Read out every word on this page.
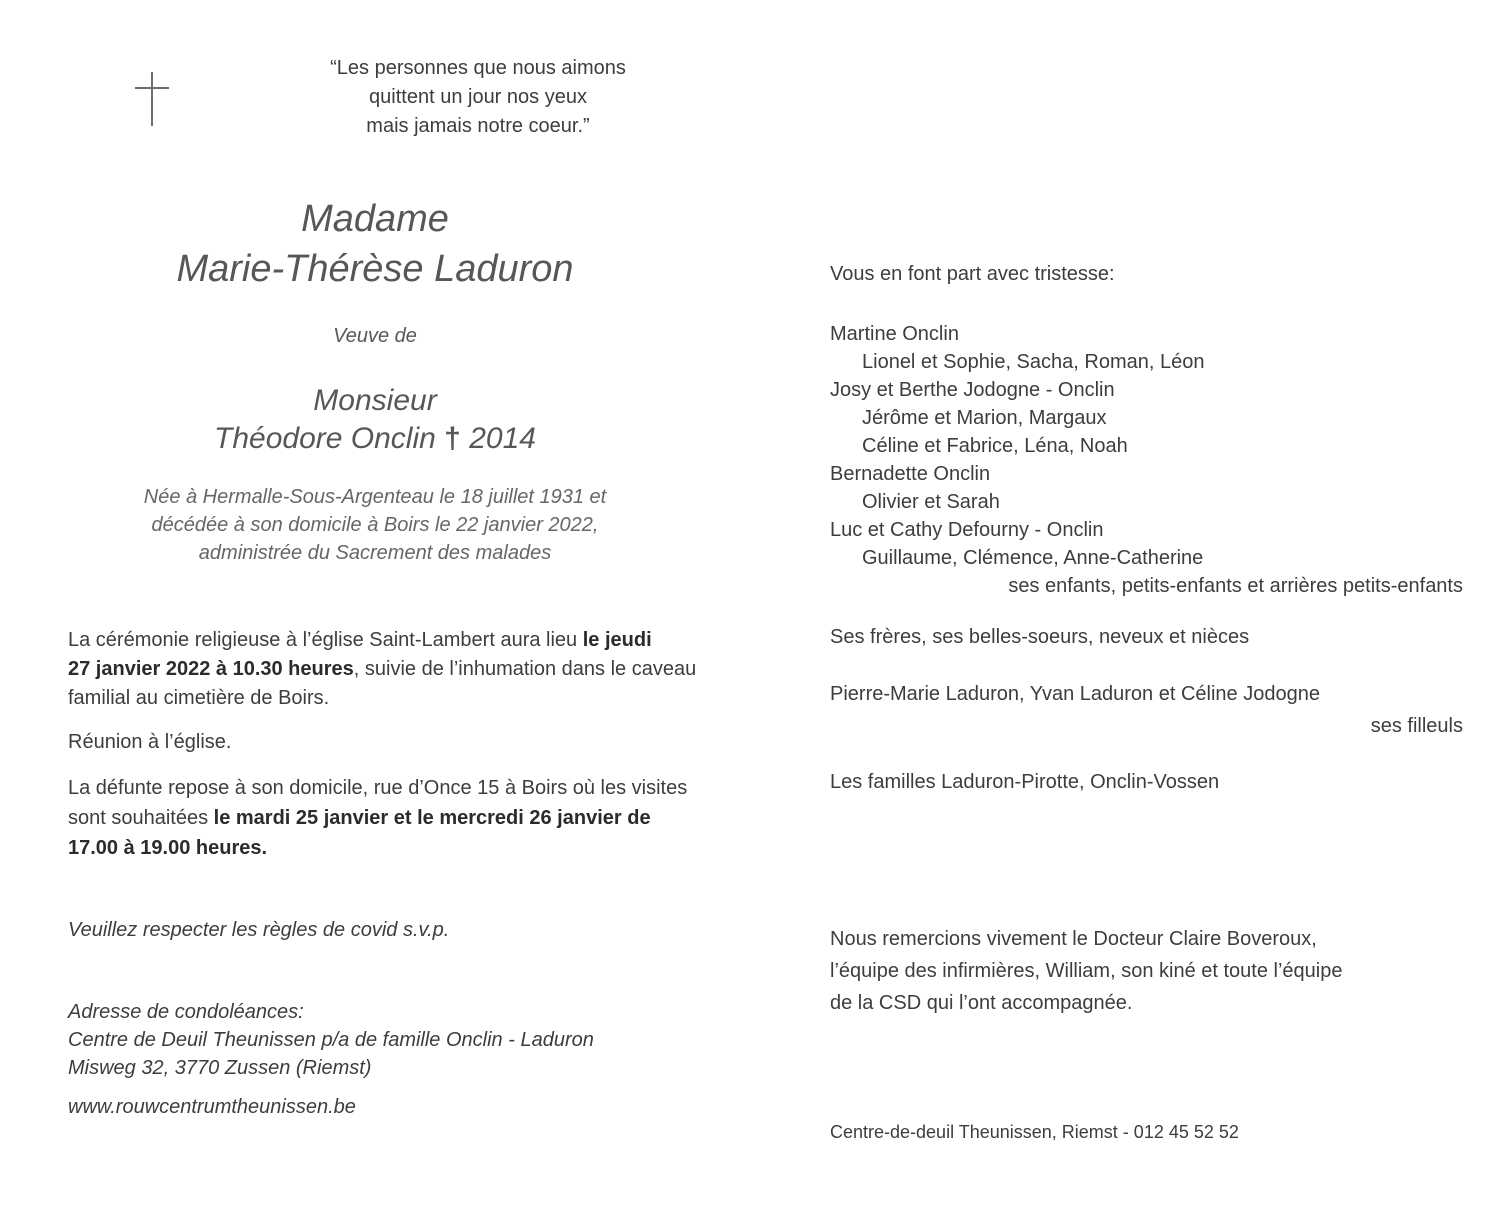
“Les personnes que nous aimons
quittent un jour nos yeux
mais jamais notre coeur.”
Madame
Marie-Thérèse Laduron
Veuve de
Monsieur
Théodore Onclin † 2014
Née à Hermalle-Sous-Argenteau le 18 juillet 1931 et
décédée à son domicile à Boirs le 22 janvier 2022,
administrée du Sacrement des malades
La cérémonie religieuse à l’église Saint-Lambert aura lieu le jeudi
27 janvier 2022 à 10.30 heures, suivie de l’inhumation dans le caveau
familial au cimetière de Boirs.
Réunion à l’église.
La défunte repose à son domicile, rue d’Once 15 à Boirs où les visites
sont souhaitées le mardi 25 janvier et le mercredi 26 janvier de
17.00 à 19.00 heures.
Veuillez respecter les règles de covid s.v.p.
Adresse de condoléances:
Centre de Deuil Theunissen p/a de famille Onclin - Laduron
Misweg 32, 3770 Zussen (Riemst)
www.rouwcentrumtheunissen.be
Vous en font part avec tristesse:
Martine Onclin
Lionel et Sophie, Sacha, Roman, Léon
Josy et Berthe Jodogne - Onclin
Jérôme et Marion, Margaux
Céline et Fabrice, Léna, Noah
Bernadette Onclin
Olivier et Sarah
Luc et Cathy Defourny - Onclin
Guillaume, Clémence, Anne-Catherine
ses enfants, petits-enfants et arrières petits-enfants
Ses frères, ses belles-soeurs, neveux et nièces
Pierre-Marie Laduron, Yvan Laduron et Céline Jodogne
ses filleuls
Les familles Laduron-Pirotte, Onclin-Vossen
Nous remercions vivement le Docteur Claire Boveroux,
l’équipe des infirmières, William, son kiné et toute l’équipe
de la CSD qui l’ont accompagnée.
Centre-de-deuil Theunissen, Riemst - 012 45 52 52
